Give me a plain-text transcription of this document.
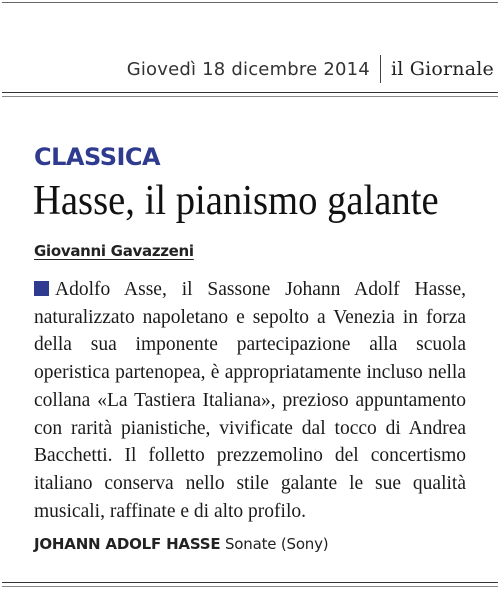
Giovedì 18 dicembre 2014 il Giornale
CLASSICA
Hasse, il pianismo galante
Giovanni Gavazzeni
Adolfo Asse, il Sassone Johann Adolf Hasse, naturalizzato napoletano e sepolto a Venezia in forza della sua imponente partecipazione alla scuola operistica partenopea, è appropriatamente incluso nella collana «La Tastiera Italiana», prezioso appuntamento con rarità pianistiche, vivificate dal tocco di Andrea Bacchetti. Il folletto prezzemolino del concertismo italiano conserva nello stile galante le sue qualità musicali, raffinate e di alto profilo.
JOHANN ADOLF HASSE Sonate (Sony)
